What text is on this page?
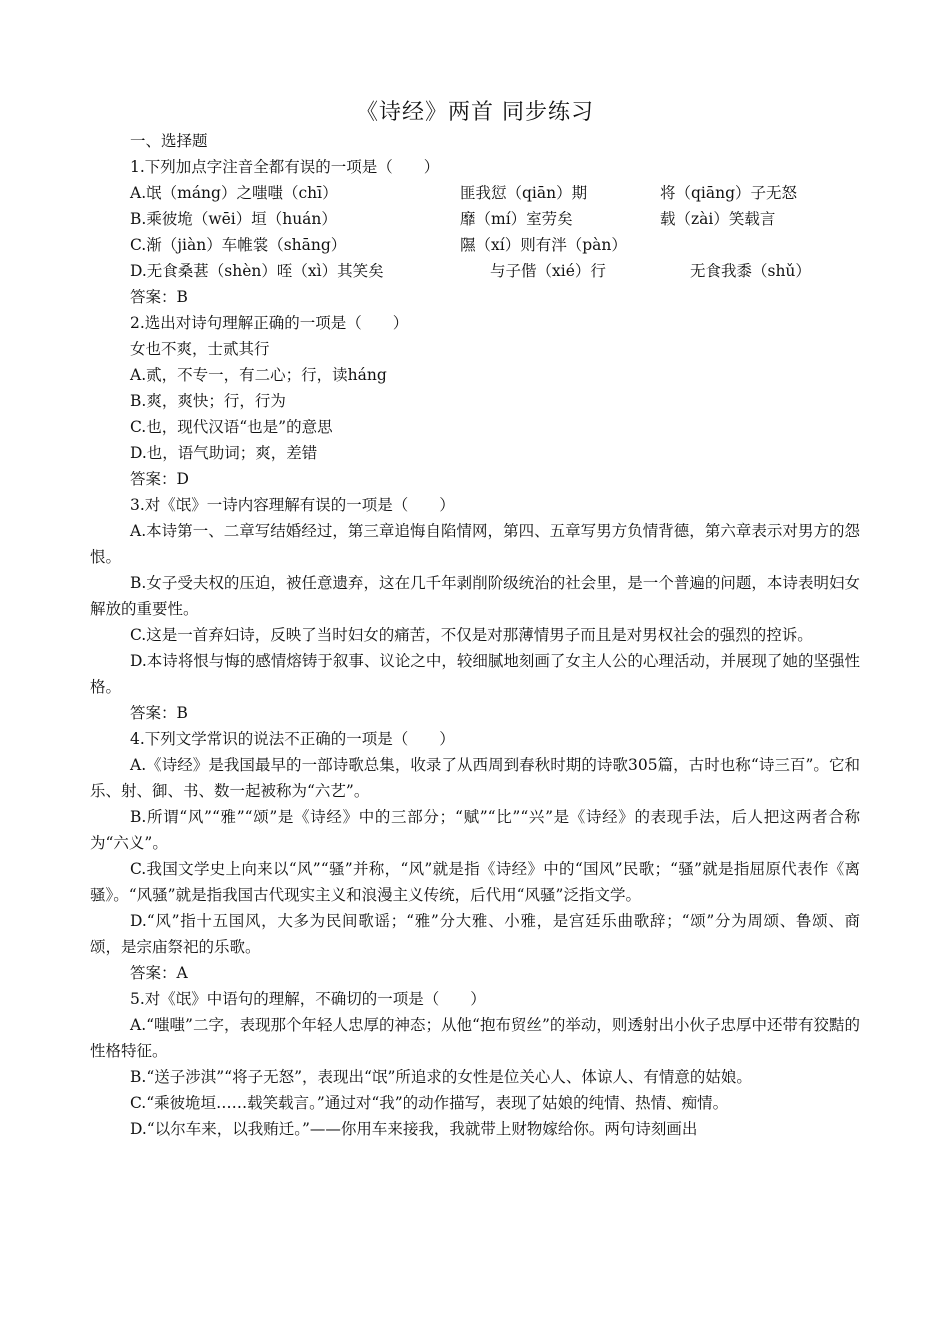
《诗经》两首 同步练习
一、选择题
1.下列加点字注音全都有误的一项是（　　）
A.氓（máng）之嗤嗤（chī）	匪我愆（qiān）期	将（qiāng）子无怒
B.乘彼垝（wēi）垣（huán）	靡（mí）室劳矣	载（zài）笑载言
C.渐（jiàn）车帷裳（shāng）	隰（xí）则有泮（pàn）
D.无食桑葚（shèn）咥（xì）其笑矣	与子偕（xié）行	无食我黍（shǔ）
答案：B
2.选出对诗句理解正确的一项是（　　）
女也不爽，士贰其行
A.贰，不专一，有二心；行，读háng
B.爽，爽快；行，行为
C.也，现代汉语“也是”的意思
D.也，语气助词；爽，差错
答案：D
3.对《氓》一诗内容理解有误的一项是（　　）
A.本诗第一、二章写结婚经过，第三章追悔自陷情网，第四、五章写男方负情背德，第六章表示对男方的怨恨。
B.女子受夫权的压迫，被任意遗弃，这在几千年剥削阶级统治的社会里，是一个普遍的问题，本诗表明妇女解放的重要性。
C.这是一首弃妇诗，反映了当时妇女的痛苦，不仅是对那薄情男子而且是对男权社会的强烈的控诉。
D.本诗将恨与悔的感情熔铸于叙事、议论之中，较细腻地刻画了女主人公的心理活动，并展现了她的坚强性格。
答案：B
4.下列文学常识的说法不正确的一项是（　　）
A.《诗经》是我国最早的一部诗歌总集，收录了从西周到春秋时期的诗歌305篇，古时也称“诗三百”。它和乐、射、御、书、数一起被称为“六艺”。
B.所谓“风”“雅”“颂”是《诗经》中的三部分；“赋”“比”“兴”是《诗经》的表现手法，后人把这两者合称为“六义”。
C.我国文学史上向来以“风”“骚”并称，“风”就是指《诗经》中的“国风”民歌；“骚”就是指屈原代表作《离骚》。“风骚”就是指我国古代现实主义和浪漫主义传统，后代用“风骚”泛指文学。
D.“风”指十五国风，大多为民间歌谣；“雅”分大雅、小雅，是宫廷乐曲歌辞；“颂”分为周颂、鲁颂、商颂，是宗庙祭祀的乐歌。
答案：A
5.对《氓》中语句的理解，不确切的一项是（　　）
A.“嗤嗤”二字，表现那个年轻人忠厚的神态；从他“抱布贸丝”的举动，则透射出小伙子忠厚中还带有狡黠的性格特征。
B.“送子涉淇”“将子无怒”，表现出“氓”所追求的女性是位关心人、体谅人、有情意的姑娘。
C.“乘彼垝垣……载笑载言。”通过对“我”的动作描写，表现了姑娘的纯情、热情、痴情。
D.“以尔车来，以我贿迁。”——你用车来接我，我就带上财物嫁给你。两句诗刻画出
